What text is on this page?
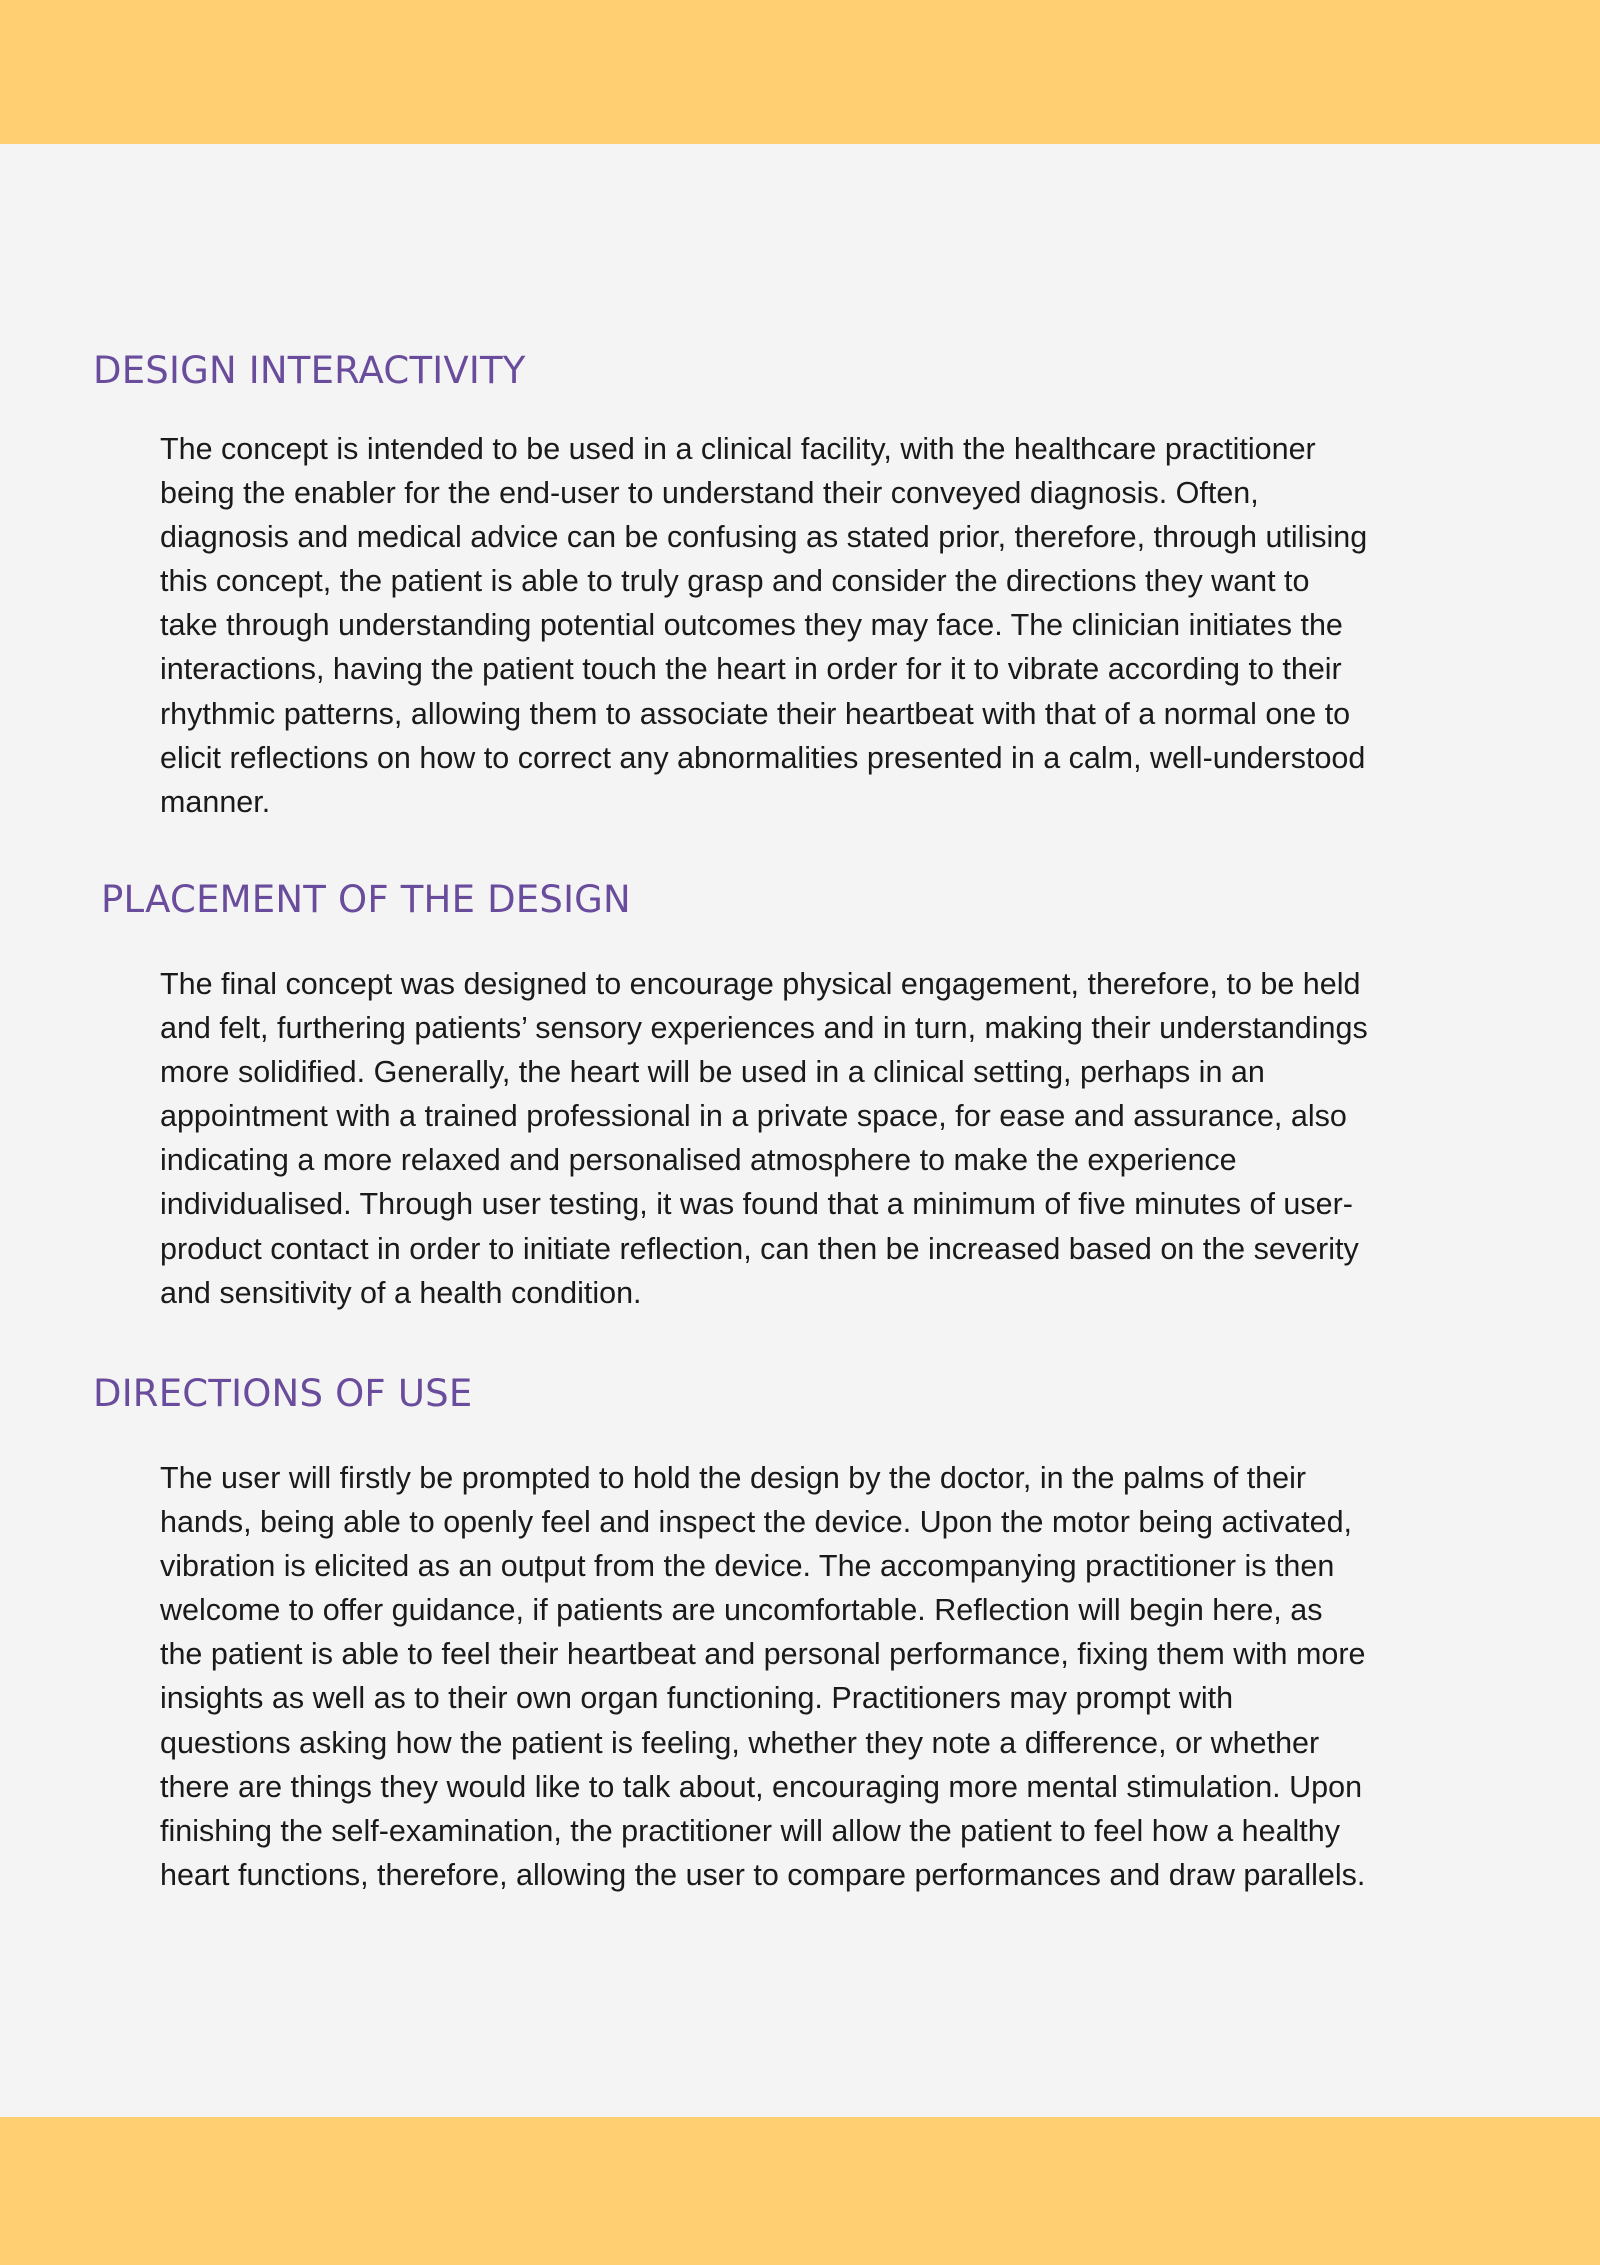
DESIGN INTERACTIVITY
The concept is intended to be used in a clinical facility, with the healthcare practitioner
being the enabler for the end-user to understand their conveyed diagnosis. Often,
diagnosis and medical advice can be confusing as stated prior, therefore, through utilising
this concept, the patient is able to truly grasp and consider the directions they want to
take through understanding potential outcomes they may face. The clinician initiates the
interactions, having the patient touch the heart in order for it to vibrate according to their
rhythmic patterns, allowing them to associate their heartbeat with that of a normal one to
elicit reflections on how to correct any abnormalities presented in a calm, well-understood
manner.
PLACEMENT OF THE DESIGN
The final concept was designed to encourage physical engagement, therefore, to be held
and felt, furthering patients’ sensory experiences and in turn, making their understandings
more solidified. Generally, the heart will be used in a clinical setting, perhaps in an
appointment with a trained professional in a private space, for ease and assurance, also
indicating a more relaxed and personalised atmosphere to make the experience
individualised. Through user testing, it was found that a minimum of five minutes of user-
product contact in order to initiate reflection, can then be increased based on the severity
and sensitivity of a health condition.
DIRECTIONS OF USE
The user will firstly be prompted to hold the design by the doctor, in the palms of their
hands, being able to openly feel and inspect the device. Upon the motor being activated,
vibration is elicited as an output from the device. The accompanying practitioner is then
welcome to offer guidance, if patients are uncomfortable. Reflection will begin here, as
the patient is able to feel their heartbeat and personal performance, fixing them with more
insights as well as to their own organ functioning. Practitioners may prompt with
questions asking how the patient is feeling, whether they note a difference, or whether
there are things they would like to talk about, encouraging more mental stimulation. Upon
finishing the self-examination, the practitioner will allow the patient to feel how a healthy
heart functions, therefore, allowing the user to compare performances and draw parallels.
